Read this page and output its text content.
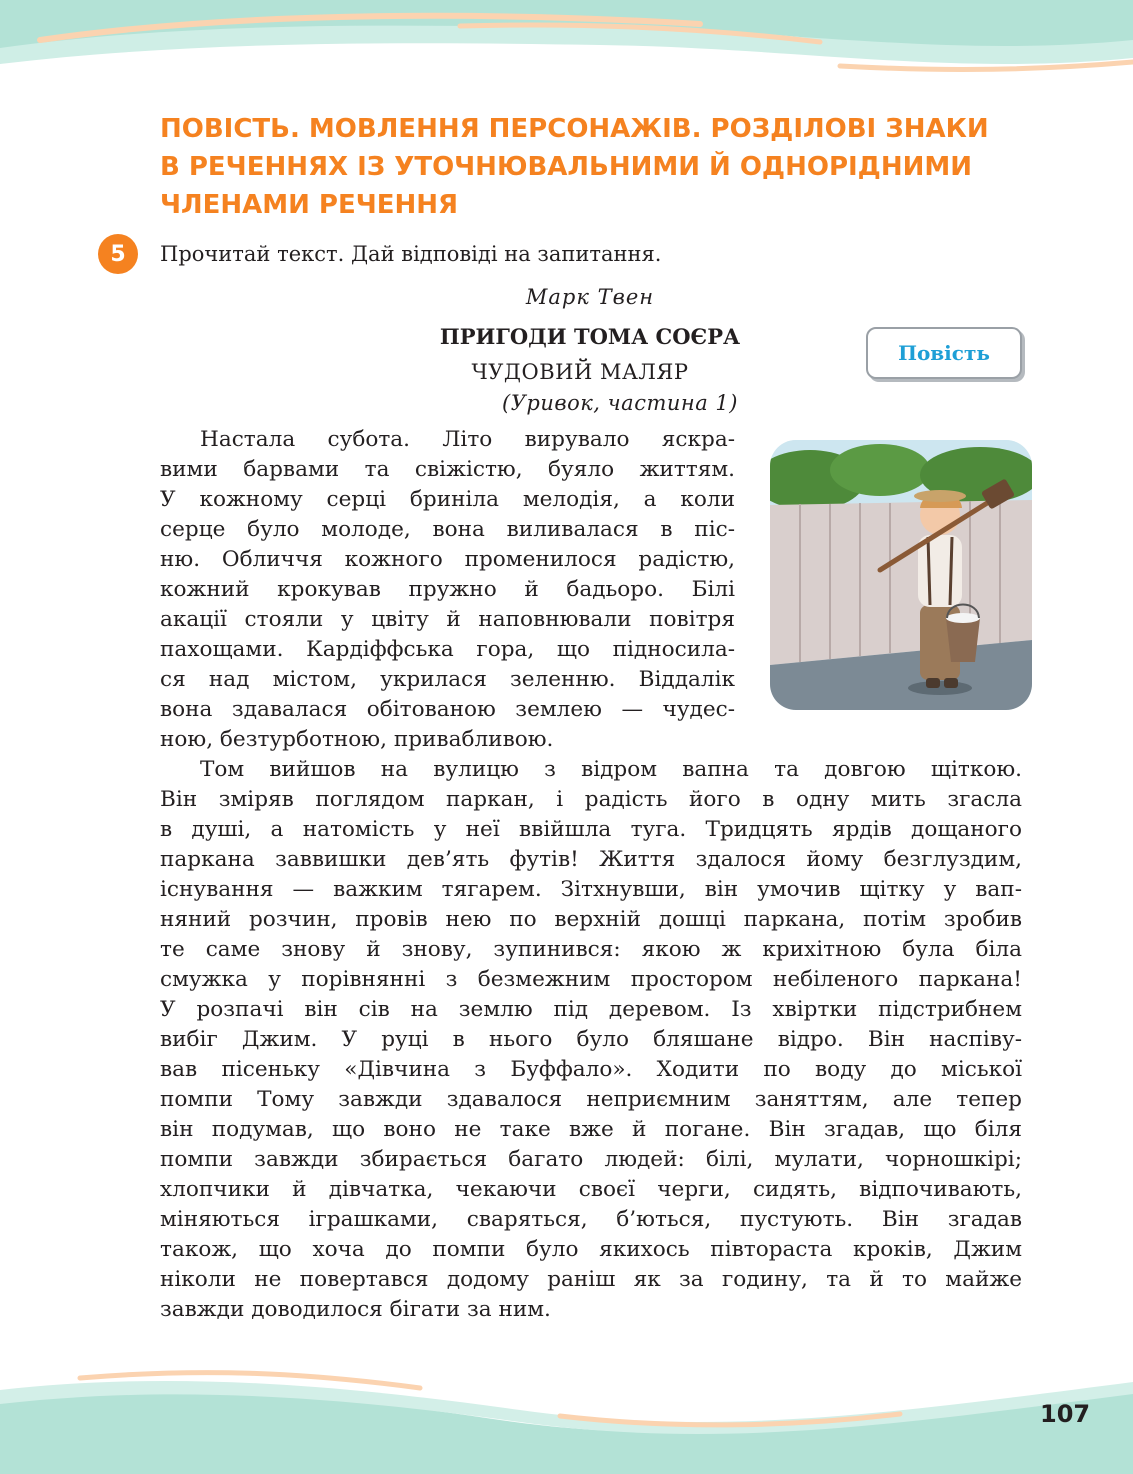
ПОВІСТЬ. МОВЛЕННЯ ПЕРСОНАЖІВ. РОЗДІЛОВІ ЗНАКИ
В РЕЧЕННЯХ ІЗ УТОЧНЮВАЛЬНИМИ Й ОДНОРІДНИМИ
ЧЛЕНАМИ РЕЧЕННЯ
5	Прочитай текст. Дай відповіді на запитання.
Марк Твен
ПРИГОДИ ТОМА СОЄРА
ЧУДОВИЙ МАЛЯР
(Уривок, частина 1)
Повість
Настала субота. Літо вирувало яскра-
вими барвами та свіжістю, буяло життям.
У кожному серці бриніла мелодія, а коли
серце було молоде, вона виливалася в піс-
ню. Обличчя кожного променилося радістю,
кожний крокував пружно й бадьоро. Білі
акації стояли у цвіту й наповнювали повітря
пахощами. Кардіффська гора, що підносила-
ся над містом, укрилася зеленню. Віддалік
вона здавалася обітованою землею — чудес-
ною, безтурботною, привабливою.
Том вийшов на вулицю з відром вапна та довгою щіткою.
Він зміряв поглядом паркан, і радість його в одну мить згасла
в душі, а натомість у неї ввійшла туга. Тридцять ярдів дощаного
паркана заввишки дев’ять футів! Життя здалося йому безглуздим,
існування — важким тягарем. Зітхнувши, він умочив щітку у вап-
няний розчин, провів нею по верхній дошці паркана, потім зробив
те саме знову й знову, зупинився: якою ж крихітною була біла
смужка у порівнянні з безмежним простором небіленого паркана!
У розпачі він сів на землю під деревом. Із хвіртки підстрибнем
вибіг Джим. У руці в нього було бляшане відро. Він наспіву-
вав пісеньку «Дівчина з Буффало». Ходити по воду до міської
помпи Тому завжди здавалося неприємним заняттям, але тепер
він подумав, що воно не таке вже й погане. Він згадав, що біля
помпи завжди збирається багато людей: білі, мулати, чорношкірі;
хлопчики й дівчатка, чекаючи своєї черги, сидять, відпочивають,
міняються іграшками, сваряться, б’ються, пустують. Він згадав
також, що хоча до помпи було якихось півтораста кроків, Джим
ніколи не повертався додому раніш як за годину, та й то майже
завжди доводилося бігати за ним.
107
